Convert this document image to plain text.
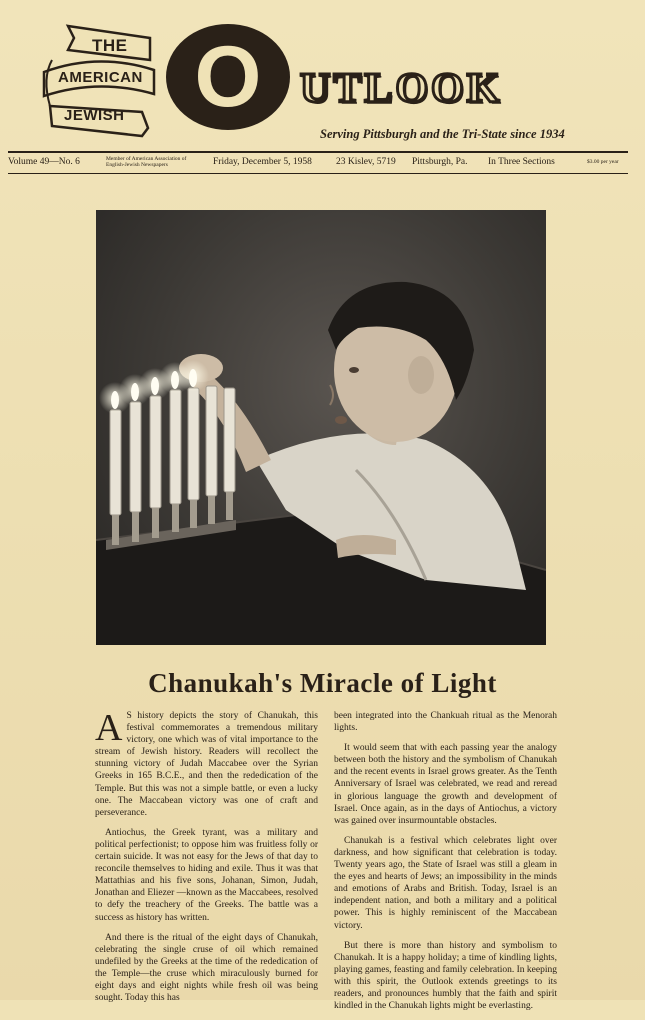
THE
AMERICAN
JEWISH O UTLOOK
Serving Pittsburgh and the Tri-State since 1934
Volume 49—No. 6	Member of American Association of English-Jewish Newspapers	Friday, December 5, 1958	23 Kislev, 5719 Pittsburgh, Pa. In Three Sections	$3.00 per year
Chanukah's Miracle of Light

A S history depicts the story of Chanukah, this festival commemorates a tremendous military victory, one which was of vital importance to the stream of Jewish history. Readers will recollect the stunning victory of Judah Maccabee over the Syrian Greeks in 165 B.C.E., and then the rededication of the Temple. But this was not a simple battle, or even a lucky one. The Maccabean victory was one of craft and perseverance.

Antiochus, the Greek tyrant, was a military and political perfectionist; to oppose him was fruitless folly or certain suicide. It was not easy for the Jews of that day to reconcile themselves to hiding and exile. Thus it was that Mattathias and his five sons, Johanan, Simon, Judah, Jonathan and Eliezer —known as the Maccabees, resolved to defy the treachery of the Greeks. The battle was a success as history has written.

And there is the ritual of the eight days of Chanukah, celebrating the single cruse of oil which remained undefiled by the Greeks at the time of the rededication of the Temple—the cruse which miraculously burned for eight days and eight nights while fresh oil was being sought. Today this has

been integrated into the Chankuah ritual as the Menorah lights.

It would seem that with each passing year the analogy between both the history and the symbolism of Chanukah and the recent events in Israel grows greater. As the Tenth Anniversary of Israel was celebrated, we read and reread in glorious language the growth and development of Israel. Once again, as in the days of Antiochus, a victory was gained over insurmountable obstacles.

Chanukah is a festival which celebrates light over darkness, and how significant that celebration is today. Twenty years ago, the State of Israel was still a gleam in the eyes and hearts of Jews; an impossibility in the minds and emotions of Arabs and British. Today, Israel is an independent nation, and both a military and a political power. This is highly reminiscent of the Maccabean victory.

But there is more than history and symbolism to Chanukah. It is a happy holiday; a time of kindling lights, playing games, feasting and family celebration. In keeping with this spirit, the Outlook extends greetings to its readers, and pronounces humbly that the faith and spirit kindled in the Chanukah lights might be everlasting.
